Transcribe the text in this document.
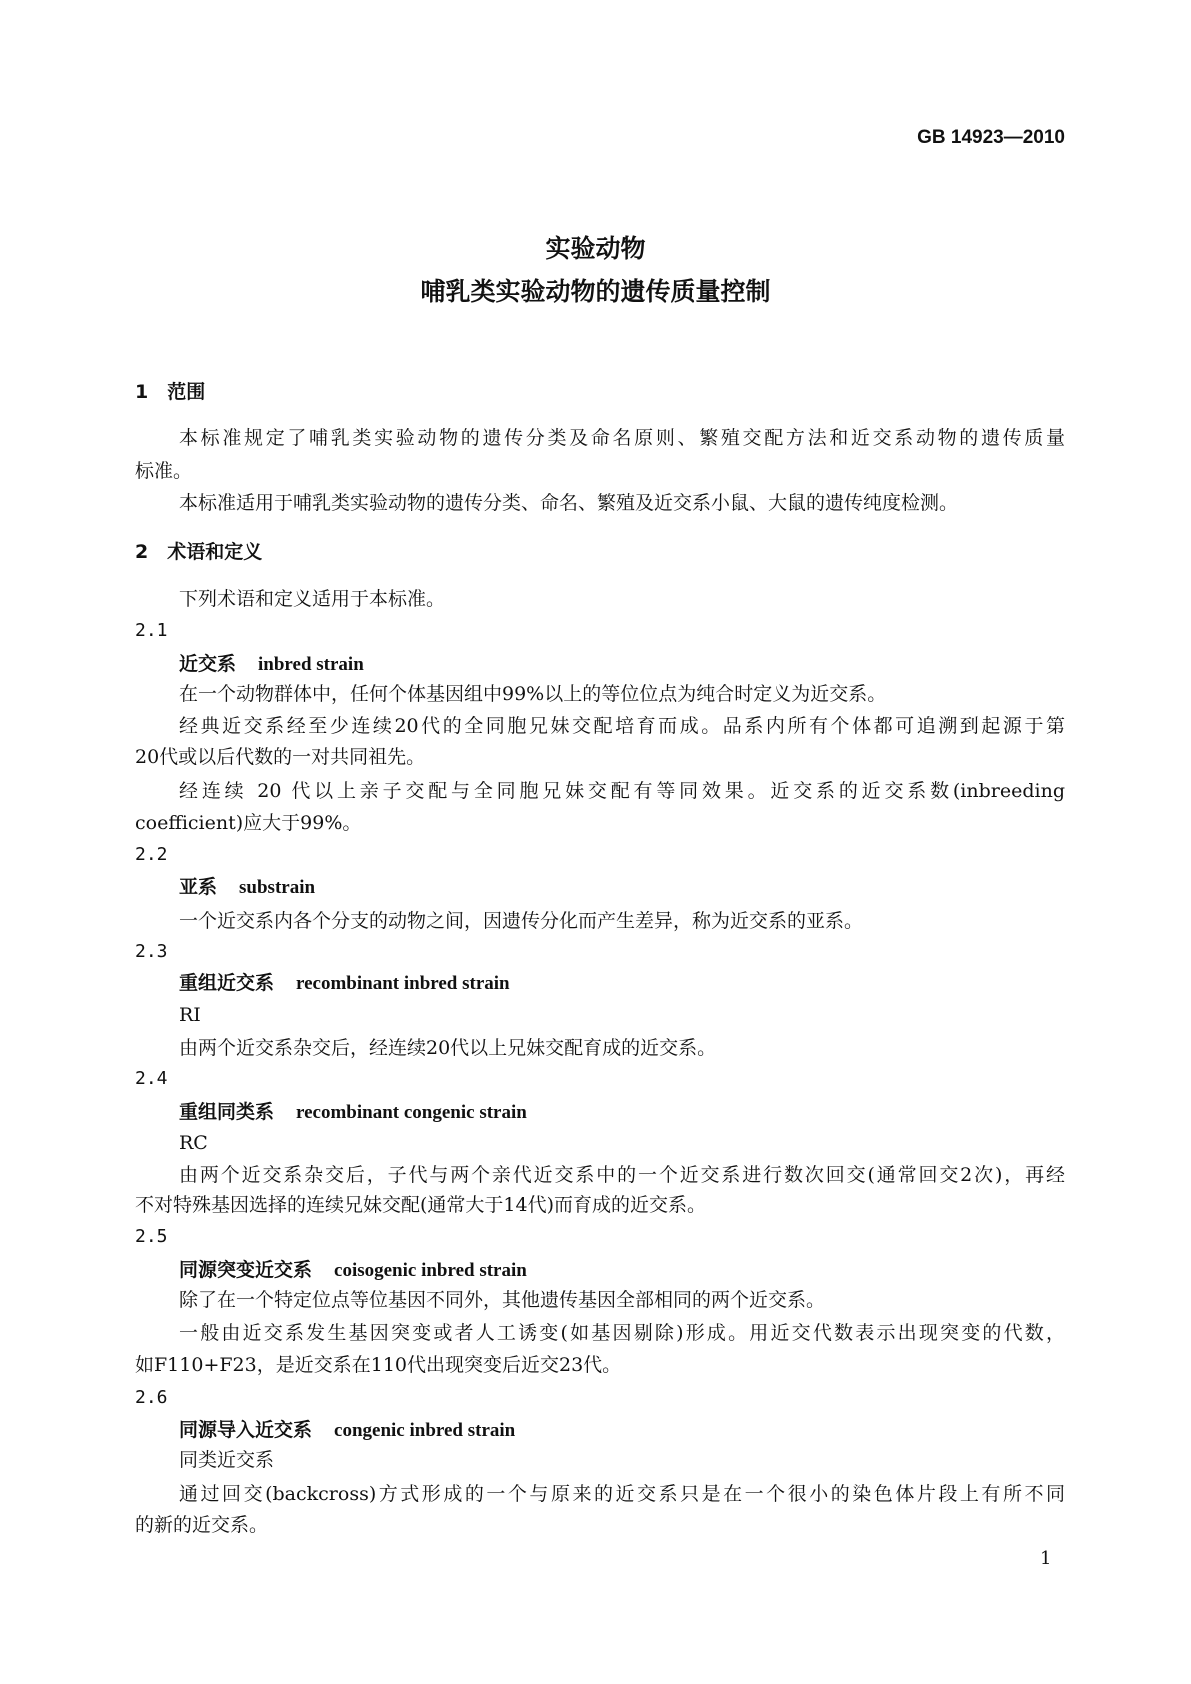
GB 14923—2010
实验动物
哺乳类实验动物的遗传质量控制
1　范围
本标准规定了哺乳类实验动物的遗传分类及命名原则、繁殖交配方法和近交系动物的遗传质量
标准。
本标准适用于哺乳类实验动物的遗传分类、命名、繁殖及近交系小鼠、大鼠的遗传纯度检测。
2　术语和定义
下列术语和定义适用于本标准。
2.1
近交系 inbred strain
在一个动物群体中，任何个体基因组中99%以上的等位位点为纯合时定义为近交系。
经典近交系经至少连续20代的全同胞兄妹交配培育而成。品系内所有个体都可追溯到起源于第
20代或以后代数的一对共同祖先。
经连续 20 代以上亲子交配与全同胞兄妹交配有等同效果。近交系的近交系数(inbreeding
coefficient)应大于99%。
2.2
亚系 substrain
一个近交系内各个分支的动物之间，因遗传分化而产生差异，称为近交系的亚系。
2.3
重组近交系 recombinant inbred strain
RI
由两个近交系杂交后，经连续20代以上兄妹交配育成的近交系。
2.4
重组同类系 recombinant congenic strain
RC
由两个近交系杂交后，子代与两个亲代近交系中的一个近交系进行数次回交(通常回交2次)，再经
不对特殊基因选择的连续兄妹交配(通常大于14代)而育成的近交系。
2.5
同源突变近交系 coisogenic inbred strain
除了在一个特定位点等位基因不同外，其他遗传基因全部相同的两个近交系。
一般由近交系发生基因突变或者人工诱变(如基因剔除)形成。用近交代数表示出现突变的代数，
如F110+F23，是近交系在110代出现突变后近交23代。
2.6
同源导入近交系 congenic inbred strain
同类近交系
通过回交(backcross)方式形成的一个与原来的近交系只是在一个很小的染色体片段上有所不同
的新的近交系。
1
